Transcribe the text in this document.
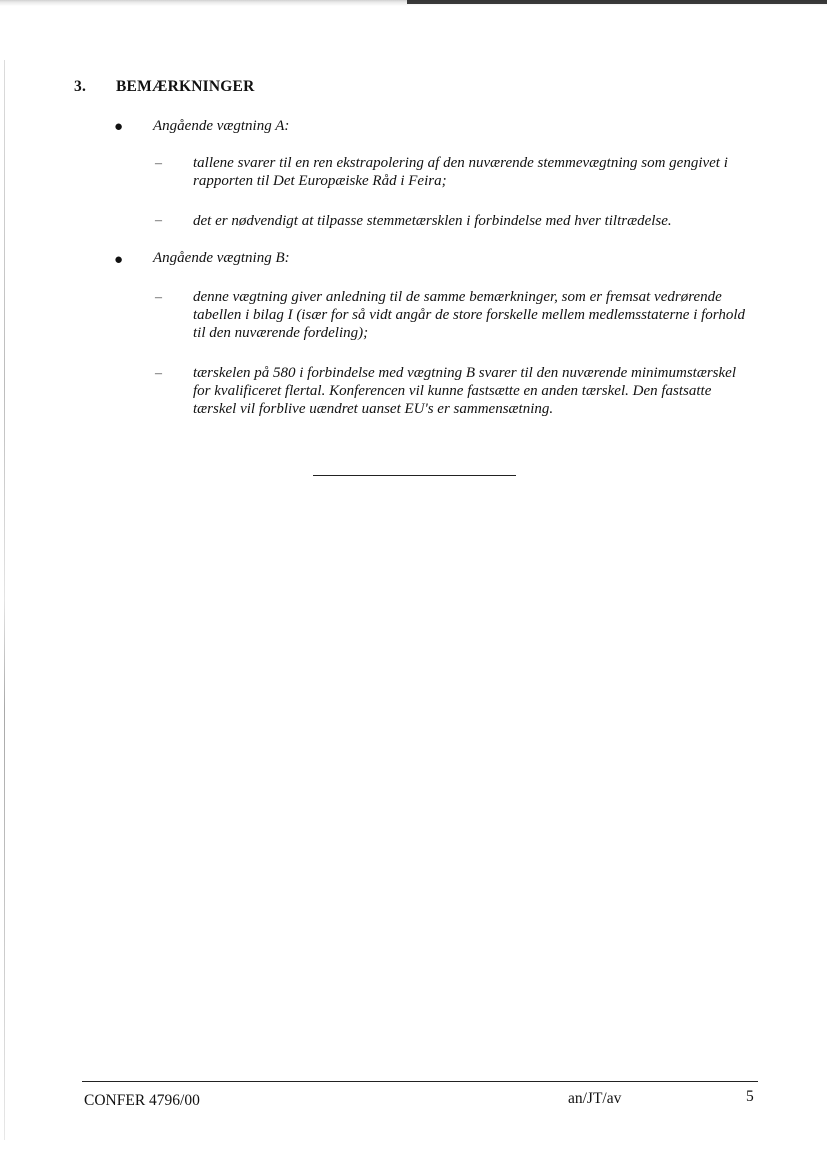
3. BEMÆRKNINGER
● Angående vægtning A:
– tallene svarer til en ren ekstrapolering af den nuværende stemmevægtning som gengivet i rapporten til Det Europæiske Råd i Feira;
– det er nødvendigt at tilpasse stemmetærsklen i forbindelse med hver tiltrædelse.
● Angående vægtning B:
– denne vægtning giver anledning til de samme bemærkninger, som er fremsat vedrørende tabellen i bilag I (især for så vidt angår de store forskelle mellem medlemsstaterne i forhold til den nuværende fordeling);
– tærskelen på 580 i forbindelse med vægtning B svarer til den nuværende minimumstærskel for kvalificeret flertal. Konferencen vil kunne fastsætte en anden tærskel. Den fastsatte tærskel vil forblive uændret uanset EU's er sammensætning.
CONFER 4796/00	an/JT/av	5
